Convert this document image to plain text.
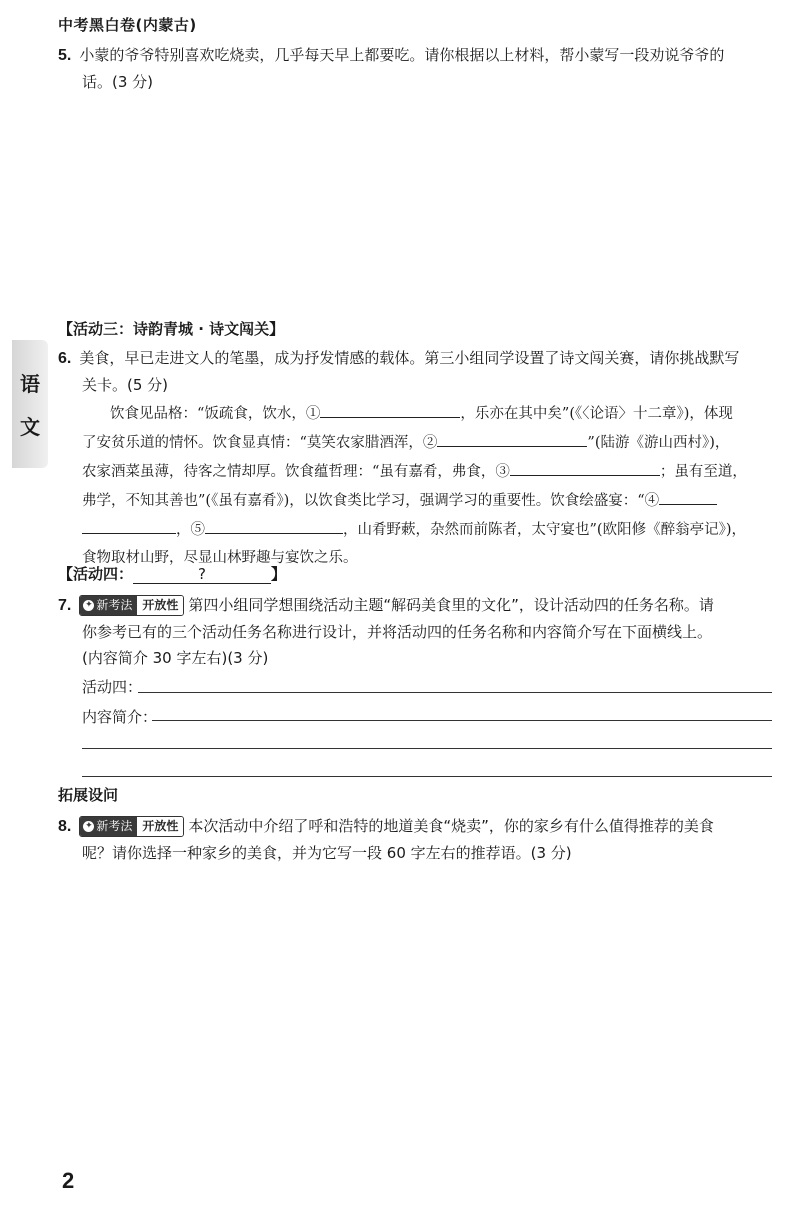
中考黑白卷(内蒙古)
5. 小蒙的爷爷特别喜欢吃烧卖，几乎每天早上都要吃。请你根据以上材料，帮小蒙写一段劝说爷爷的
话。(3 分)
语
文
【活动三：诗韵青城 · 诗文闯关】
6. 美食，早已走进文人的笔墨，成为抒发情感的载体。第三小组同学设置了诗文闯关赛，请你挑战默写
关卡。(5 分)
饮食见品格：“饭疏食，饮水，①	，乐亦在其中矣”(《〈论语〉十二章》)，体现
了安贫乐道的情怀。饮食显真情：“莫笑农家腊酒浑，②	”(陆游《游山西村》)，
农家酒菜虽薄，待客之情却厚。饮食蕴哲理：“虽有嘉肴，弗食，③	；虽有至道，
弗学，不知其善也”(《虽有嘉肴》)，以饮食类比学习，强调学习的重要性。饮食绘盛宴：“④
，⑤	，山肴野蔌，杂然而前陈者，太守宴也”(欧阳修《醉翁亭记》)，
食物取材山野，尽显山林野趣与宴饮之乐。
【活动四：	?	】
7. ✦ 新考法 开放性 第四小组同学想围绕活动主题“解码美食里的文化”，设计活动四的任务名称。请
你参考已有的三个活动任务名称进行设计，并将活动四的任务名称和内容简介写在下面横线上。
(内容简介 30 字左右)(3 分)
活动四：
内容简介：
拓展设问
8. ✦ 新考法 开放性 本次活动中介绍了呼和浩特的地道美食“烧卖”，你的家乡有什么值得推荐的美食
呢？请你选择一种家乡的美食，并为它写一段 60 字左右的推荐语。(3 分)
2
